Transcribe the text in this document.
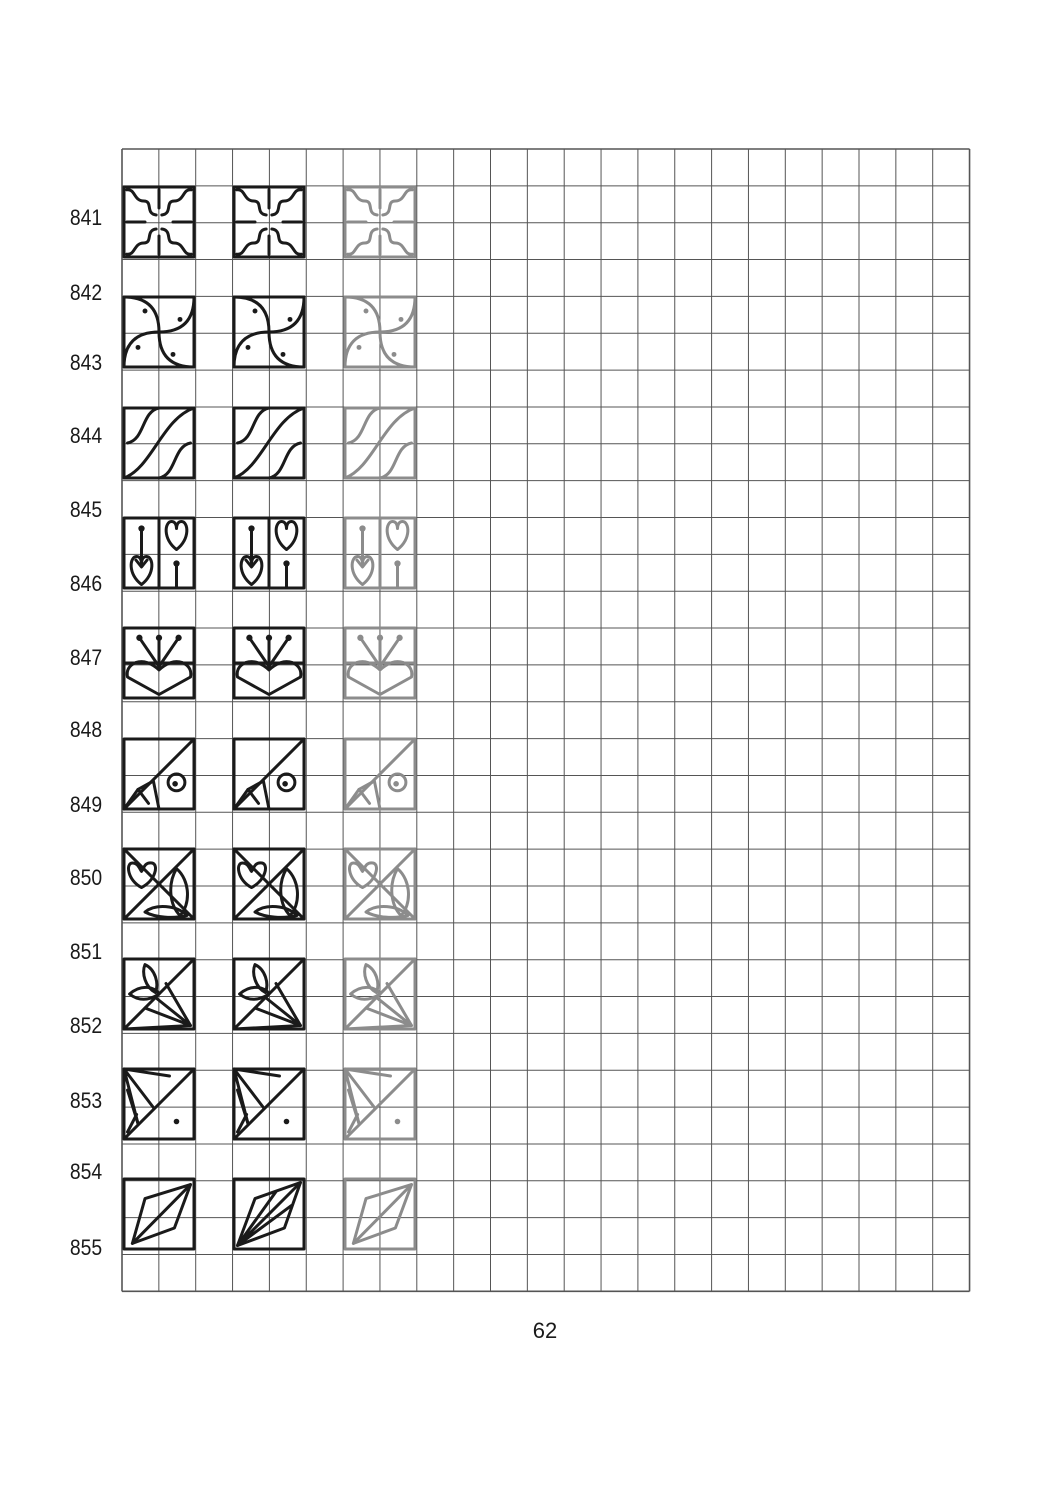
841
842
843
844
845
846
847
848
849
850
851
852
853
854
855
62
